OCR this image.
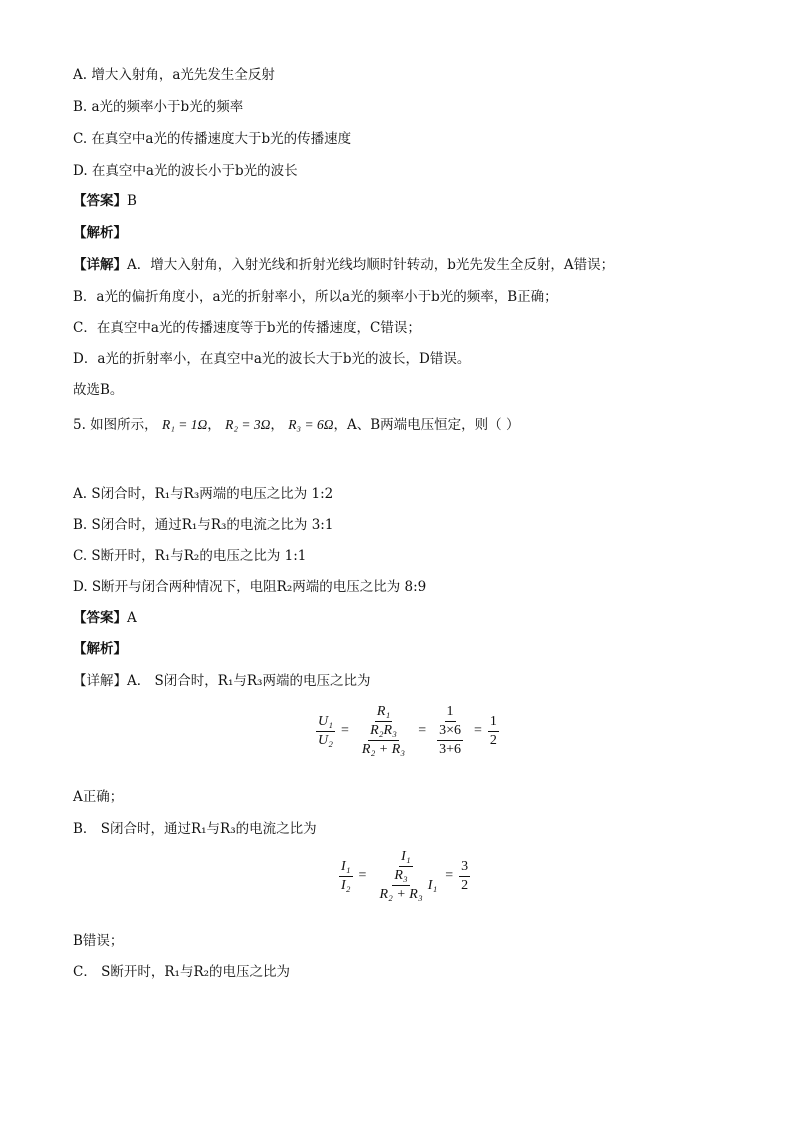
A. 增大入射角，a光先发生全反射
B. a光的频率小于b光的频率
C. 在真空中a光的传播速度大于b光的传播速度
D. 在真空中a光的波长小于b光的波长
【答案】B
【解析】
【详解】A．增大入射角，入射光线和折射光线均顺时针转动，b光先发生全反射，A错误；
B．a光的偏折角度小，a光的折射率小，所以a光的频率小于b光的频率，B正确；
C．在真空中a光的传播速度等于b光的传播速度，C错误；
D．a光的折射率小，在真空中a光的波长大于b光的波长，D错误。
故选B。
5. 如图所示， R₁ = 1Ω， R₂ = 3Ω， R₃ = 6Ω，A、B两端电压恒定，则（ ）
A. S闭合时，R₁与R₃两端的电压之比为 1:2
B. S闭合时，通过R₁与R₃的电流之比为 3:1
C. S断开时，R₁与R₂的电压之比为 1:1
D. S断开与闭合两种情况下，电阻R₂两端的电压之比为 8:9
【答案】A
【解析】
【详解】A． S闭合时，R₁与R₃两端的电压之比为
$\frac{\text{U₁}}{\text{U₂}} = \frac{\text{R₁}}{\frac{\text{R₂R₃}}{\text{R₂ + R₃}}} = \frac{1}{\frac{3\times 6}{3+6}} = \frac{1}{2}$
A正确；
B． S闭合时，通过R₁与R₃的电流之比为
$\frac{\text{I₁}}{\text{I₂}} = \frac{\text{I₁}}{\frac{\text{R₃}}{\text{R₂ + R₃}} I_1} = \frac{3}{2}$
B错误；
C． S断开时，R₁与R₂的电压之比为
